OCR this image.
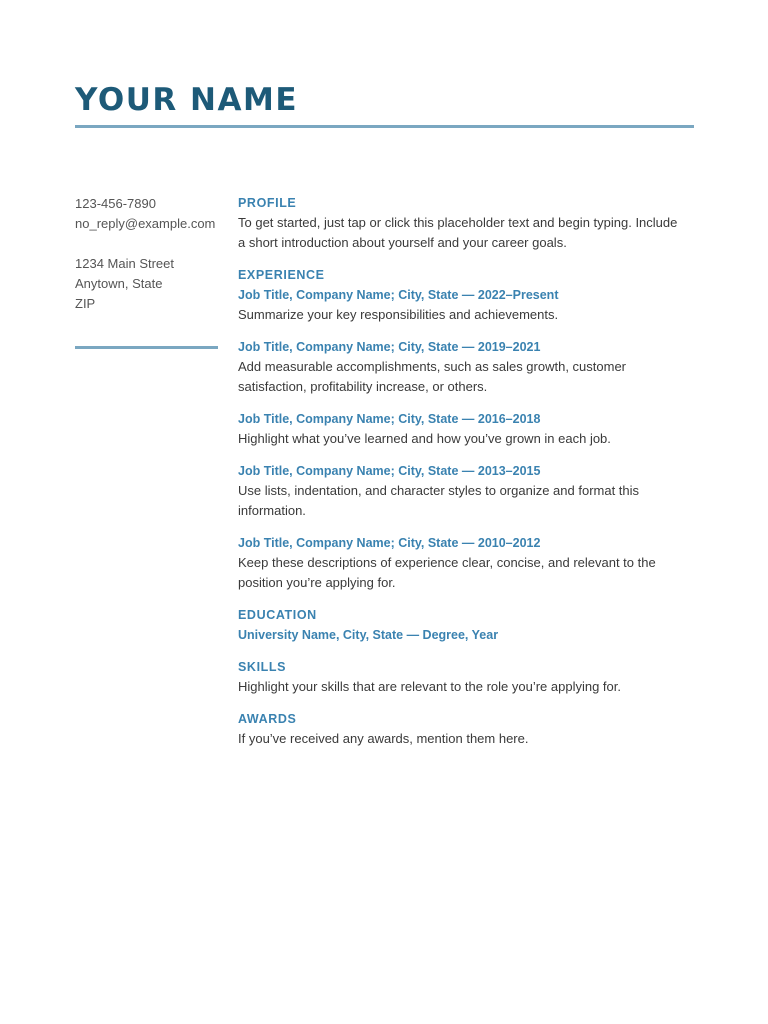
YOUR NAME
123-456-7890
no_reply@example.com
1234 Main Street
Anytown, State
ZIP
PROFILE
To get started, just tap or click this placeholder text and begin typing. Include a short introduction about yourself and your career goals.
EXPERIENCE
Job Title, Company Name; City, State — 2022–Present
Summarize your key responsibilities and achievements.
Job Title, Company Name; City, State — 2019–2021
Add measurable accomplishments, such as sales growth, customer satisfaction, profitability increase, or others.
Job Title, Company Name; City, State — 2016–2018
Highlight what you’ve learned and how you’ve grown in each job.
Job Title, Company Name; City, State — 2013–2015
Use lists, indentation, and character styles to organize and format this information.
Job Title, Company Name; City, State — 2010–2012
Keep these descriptions of experience clear, concise, and relevant to the position you’re applying for.
EDUCATION
University Name, City, State — Degree, Year
SKILLS
Highlight your skills that are relevant to the role you’re applying for.
AWARDS
If you’ve received any awards, mention them here.
